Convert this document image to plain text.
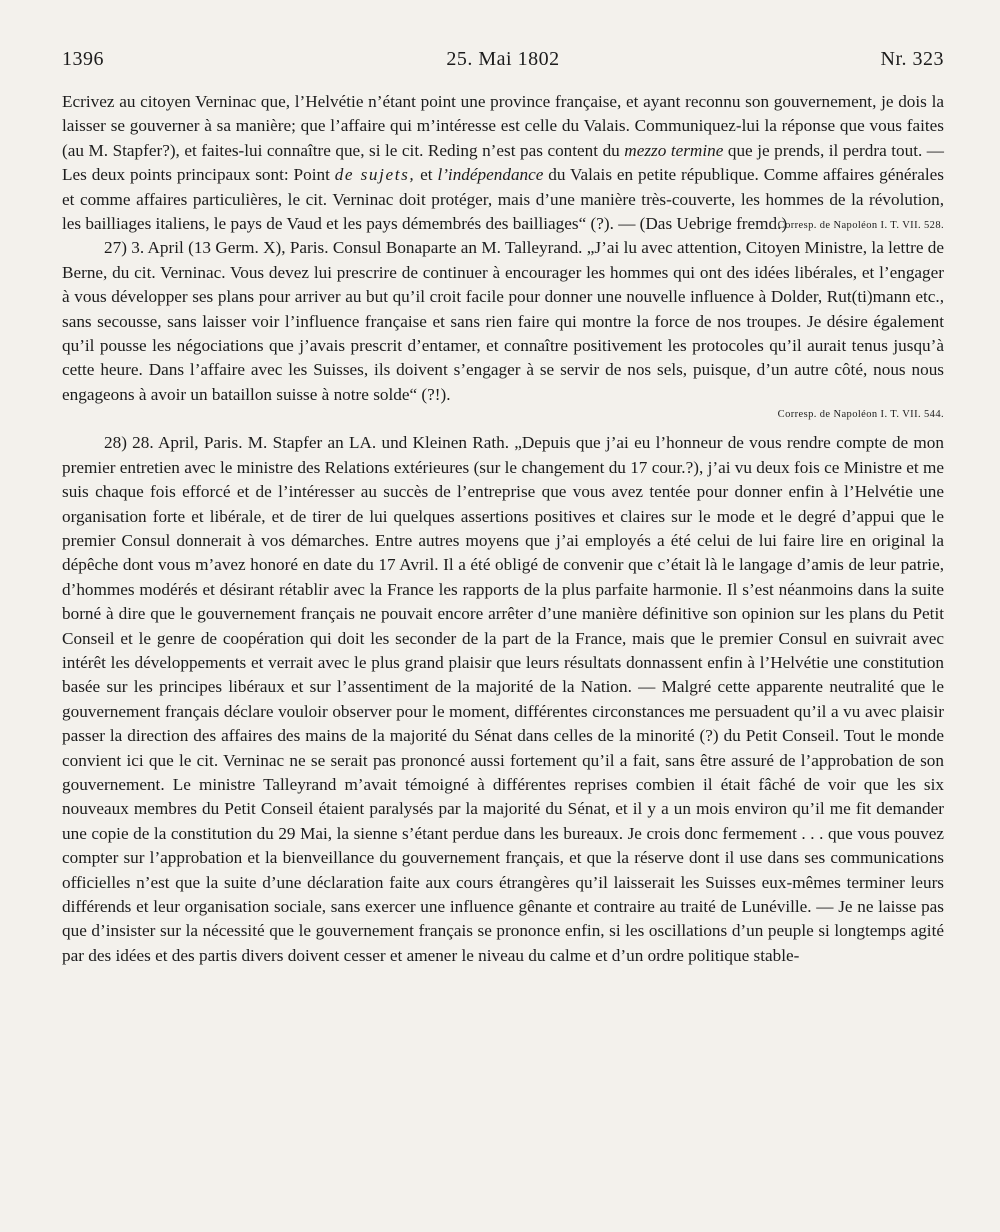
1396	25. Mai 1802	Nr. 323

Ecrivez au citoyen Verninac que, l’Helvétie n’étant point une province française, et ayant reconnu son gouvernement, je dois la laisser se gouverner à sa manière; que l’affaire qui m’intéresse est celle du Valais. Communiquez-lui la réponse que vous faites (au M. Stapfer?), et faites-lui connaître que, si le cit. Reding n’est pas content du mezzo termine que je prends, il perdra tout. — Les deux points principaux sont: Point de sujets, et l’indépendance du Valais en petite république. Comme affaires générales et comme affaires particulières, le cit. Verninac doit protéger, mais d’une manière très-couverte, les hommes de la révolution, les bailliages italiens, le pays de Vaud et les pays démembrés des bailliages“ (?). — (Das Uebrige fremd.)

Corresp. de Napoléon I. T. VII. 528.

27) 3. April (13 Germ. X), Paris. Consul Bonaparte an M. Talleyrand. „J’ai lu avec attention, Citoyen Ministre, la lettre de Berne, du cit. Verninac. Vous devez lui prescrire de continuer à encourager les hommes qui ont des idées libérales, et l’engager à vous développer ses plans pour arriver au but qu’il croit facile pour donner une nouvelle influence à Dolder, Rut(ti)mann etc., sans secousse, sans laisser voir l’influence française et sans rien faire qui montre la force de nos troupes. Je désire également qu’il pousse les négociations que j’avais prescrit d’entamer, et connaître positivement les protocoles qu’il aurait tenus jusqu’à cette heure. Dans l’affaire avec les Suisses, ils doivent s’engager à se servir de nos sels, puisque, d’un autre côté, nous nous engageons à avoir un bataillon suisse à notre solde“ (?!).

Corresp. de Napoléon I. T. VII. 544.

28) 28. April, Paris. M. Stapfer an LA. und Kleinen Rath. „Depuis que j’ai eu l’honneur de vous rendre compte de mon premier entretien avec le ministre des Relations extérieures (sur le changement du 17 cour.?), j’ai vu deux fois ce Ministre et me suis chaque fois efforcé et de l’intéresser au succès de l’entreprise que vous avez tentée pour donner enfin à l’Helvétie une organisation forte et libérale, et de tirer de lui quelques assertions positives et claires sur le mode et le degré d’appui que le premier Consul donnerait à vos démarches. Entre autres moyens que j’ai employés a été celui de lui faire lire en original la dépêche dont vous m’avez honoré en date du 17 Avril. Il a été obligé de convenir que c’était là le langage d’amis de leur patrie, d’hommes modérés et désirant rétablir avec la France les rapports de la plus parfaite harmonie. Il s’est néanmoins dans la suite borné à dire que le gouvernement français ne pouvait encore arrêter d’une manière définitive son opinion sur les plans du Petit Conseil et le genre de coopération qui doit les seconder de la part de la France, mais que le premier Consul en suivrait avec intérêt les développements et verrait avec le plus grand plaisir que leurs résultats donnassent enfin à l’Helvétie une constitution basée sur les principes libéraux et sur l’assentiment de la majorité de la Nation. — Malgré cette apparente neutralité que le gouvernement français déclare vouloir observer pour le moment, différentes circonstances me persuadent qu’il a vu avec plaisir passer la direction des affaires des mains de la majorité du Sénat dans celles de la minorité (?) du Petit Conseil. Tout le monde convient ici que le cit. Verninac ne se serait pas prononcé aussi fortement qu’il a fait, sans être assuré de l’approbation de son gouvernement. Le ministre Talleyrand m’avait témoigné à différentes reprises combien il était fâché de voir que les six nouveaux membres du Petit Conseil étaient paralysés par la majorité du Sénat, et il y a un mois environ qu’il me fit demander une copie de la constitution du 29 Mai, la sienne s’étant perdue dans les bureaux. Je crois donc fermement . . . que vous pouvez compter sur l’approbation et la bienveillance du gouvernement français, et que la réserve dont il use dans ses communications officielles n’est que la suite d’une déclaration faite aux cours étrangères qu’il laisserait les Suisses eux-mêmes terminer leurs différends et leur organisation sociale, sans exercer une influence gênante et contraire au traité de Lunéville. — Je ne laisse pas que d’insister sur la nécessité que le gouvernement français se prononce enfin, si les oscillations d’un peuple si longtemps agité par des idées et des partis divers doivent cesser et amener le niveau du calme et d’un ordre politique stable-
